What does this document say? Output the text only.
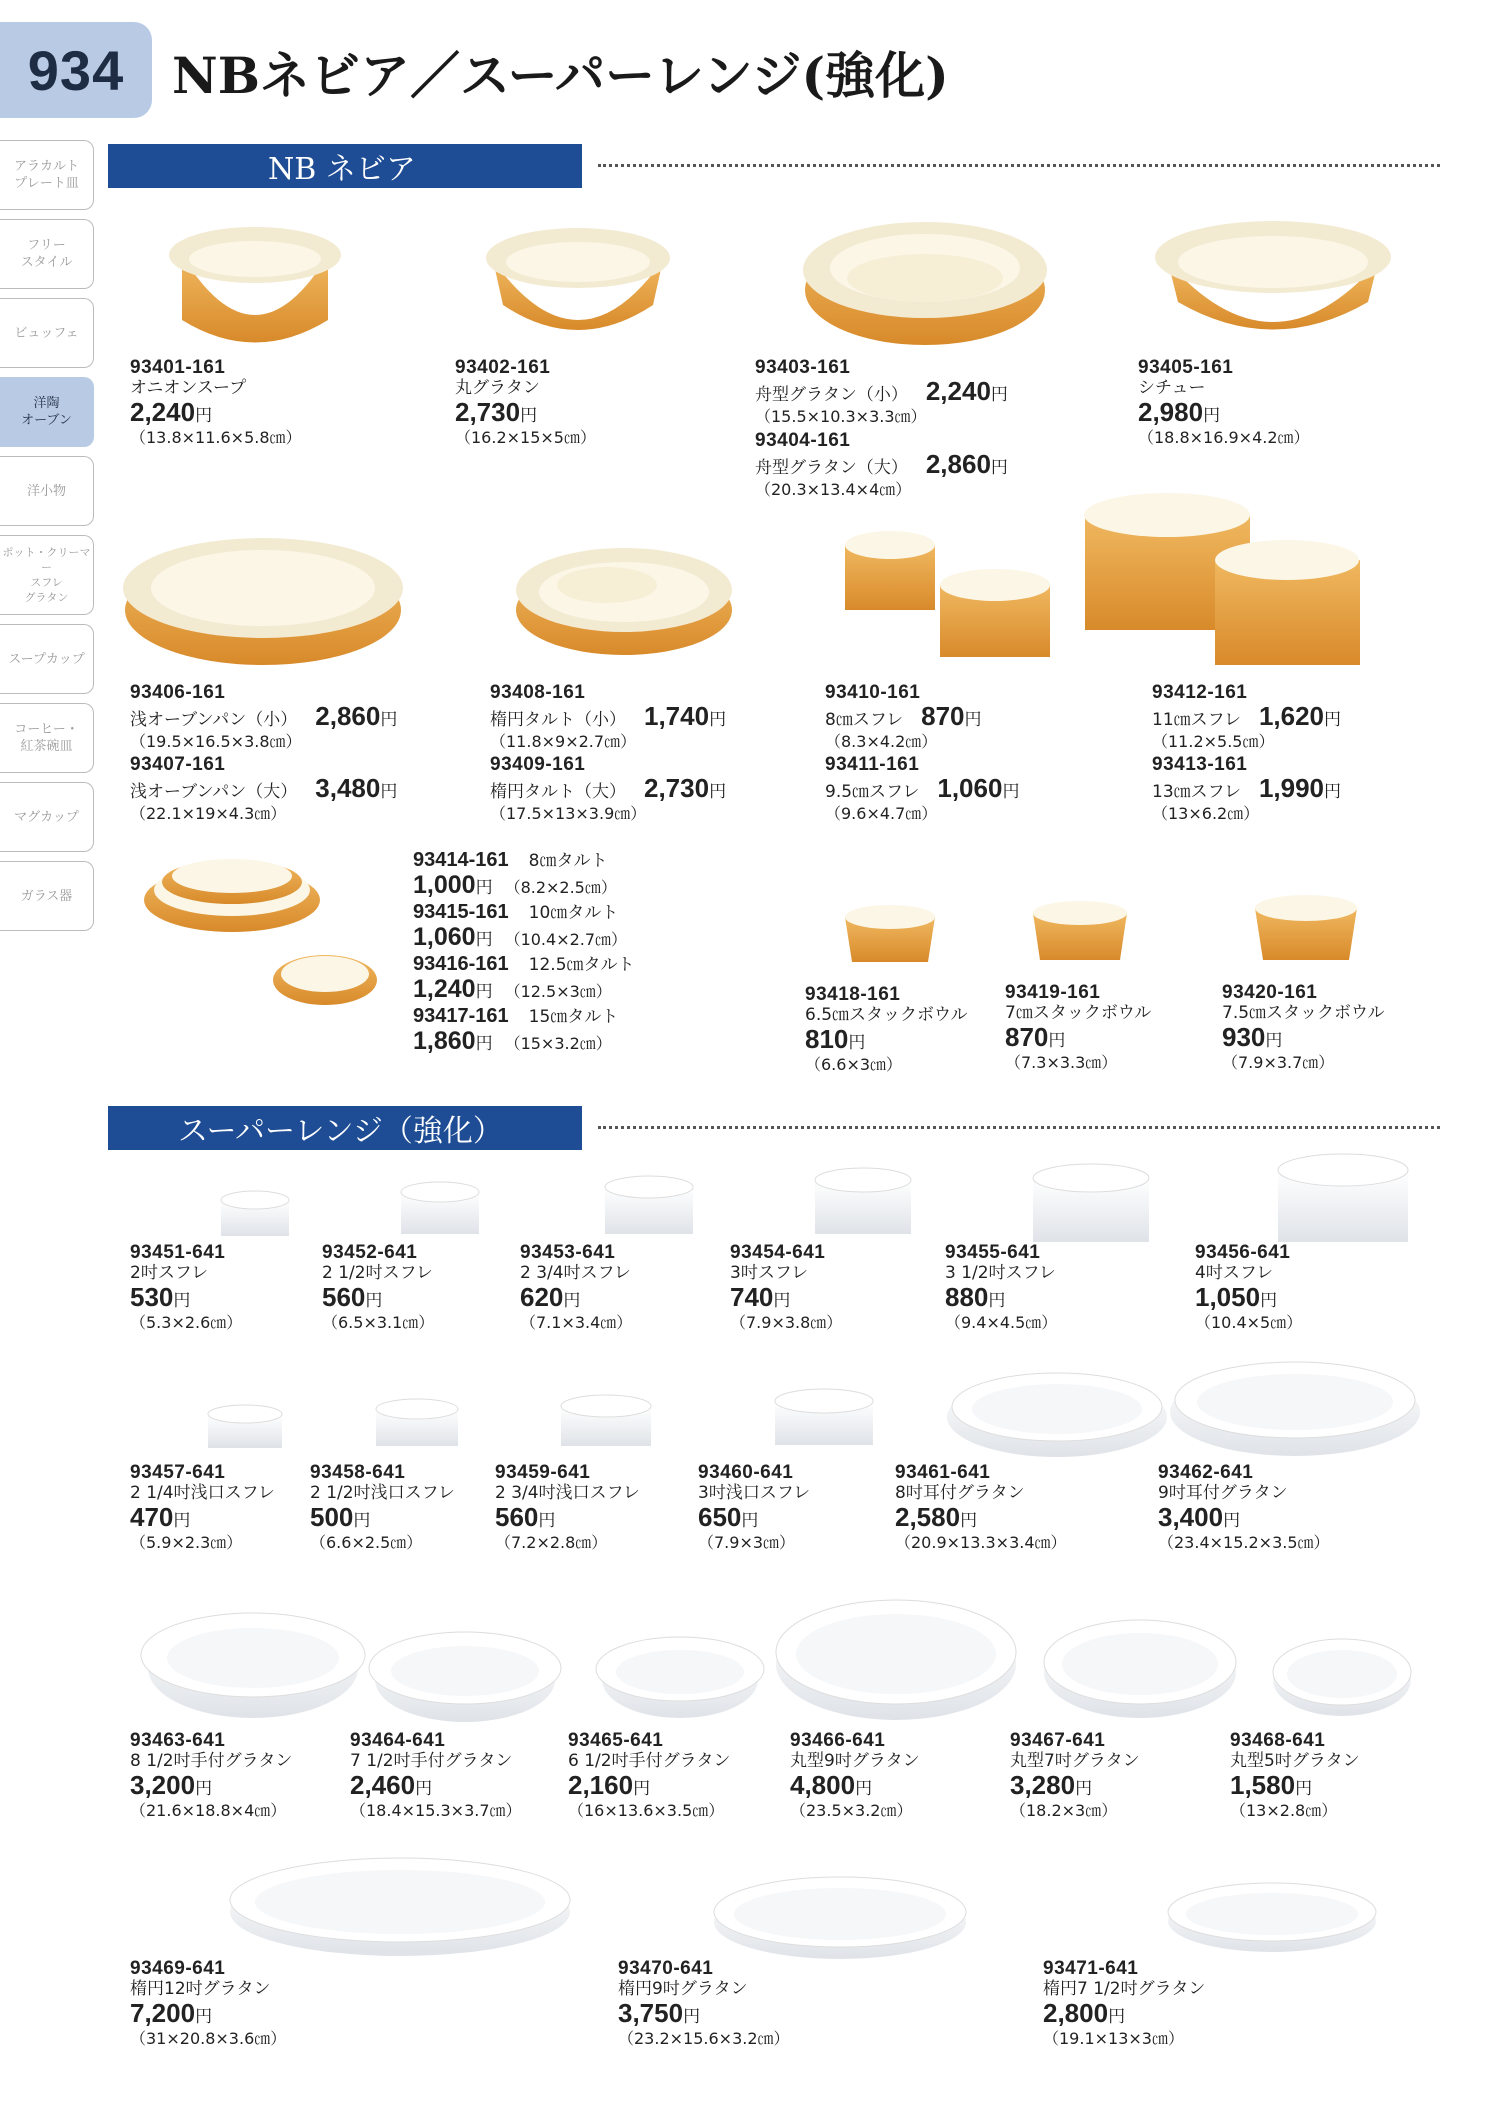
934 NBネビア／スーパーレンジ(強化)
アラカルト
プレート皿
フリー
スタイル
ビュッフェ
洋陶
オーブン
洋小物
ポット・クリーマー
スフレ
グラタン
スープカップ
コーヒー・
紅茶碗皿
マグカップ
ガラス器
NB ネビア
スーパーレンジ（強化）
93401-161
オニオンスープ
2,240円
（13.8×11.6×5.8㎝）
93402-161
丸グラタン
2,730円
（16.2×15×5㎝）
93403-161
舟型グラタン（小） 2,240円
（15.5×10.3×3.3㎝）
93404-161
舟型グラタン（大） 2,860円
（20.3×13.4×4㎝）
93405-161
シチュー
2,980円
（18.8×16.9×4.2㎝）
93406-161
浅オーブンパン（小） 2,860円
（19.5×16.5×3.8㎝）
93407-161
浅オーブンパン（大） 3,480円
（22.1×19×4.3㎝）
93408-161
楕円タルト（小） 1,740円
（11.8×9×2.7㎝）
93409-161
楕円タルト（大） 2,730円
（17.5×13×3.9㎝）
93410-161
8㎝スフレ 870円
（8.3×4.2㎝）
93411-161
9.5㎝スフレ 1,060円
（9.6×4.7㎝）
93412-161
11㎝スフレ 1,620円
（11.2×5.5㎝）
93413-161
13㎝スフレ 1,990円
（13×6.2㎝）
93414-161 8㎝タルト
1,000円 （8.2×2.5㎝）
93415-161 10㎝タルト
1,060円 （10.4×2.7㎝）
93416-161 12.5㎝タルト
1,240円 （12.5×3㎝）
93417-161 15㎝タルト
1,860円 （15×3.2㎝）
93418-161
6.5㎝スタックボウル
810円
（6.6×3㎝）
93419-161
7㎝スタックボウル
870円
（7.3×3.3㎝）
93420-161
7.5㎝スタックボウル
930円
（7.9×3.7㎝）
93451-641
2吋スフレ
530円
（5.3×2.6㎝）
93452-641
2 1/2吋スフレ
560円
（6.5×3.1㎝）
93453-641
2 3/4吋スフレ
620円
（7.1×3.4㎝）
93454-641
3吋スフレ
740円
（7.9×3.8㎝）
93455-641
3 1/2吋スフレ
880円
（9.4×4.5㎝）
93456-641
4吋スフレ
1,050円
（10.4×5㎝）
93457-641
2 1/4吋浅口スフレ
470円
（5.9×2.3㎝）
93458-641
2 1/2吋浅口スフレ
500円
（6.6×2.5㎝）
93459-641
2 3/4吋浅口スフレ
560円
（7.2×2.8㎝）
93460-641
3吋浅口スフレ
650円
（7.9×3㎝）
93461-641
8吋耳付グラタン
2,580円
（20.9×13.3×3.4㎝）
93462-641
9吋耳付グラタン
3,400円
（23.4×15.2×3.5㎝）
93463-641
8 1/2吋手付グラタン
3,200円
（21.6×18.8×4㎝）
93464-641
7 1/2吋手付グラタン
2,460円
（18.4×15.3×3.7㎝）
93465-641
6 1/2吋手付グラタン
2,160円
（16×13.6×3.5㎝）
93466-641
丸型9吋グラタン
4,800円
（23.5×3.2㎝）
93467-641
丸型7吋グラタン
3,280円
（18.2×3㎝）
93468-641
丸型5吋グラタン
1,580円
（13×2.8㎝）
93469-641
楕円12吋グラタン
7,200円
（31×20.8×3.6㎝）
93470-641
楕円9吋グラタン
3,750円
（23.2×15.6×3.2㎝）
93471-641
楕円7 1/2吋グラタン
2,800円
（19.1×13×3㎝）
